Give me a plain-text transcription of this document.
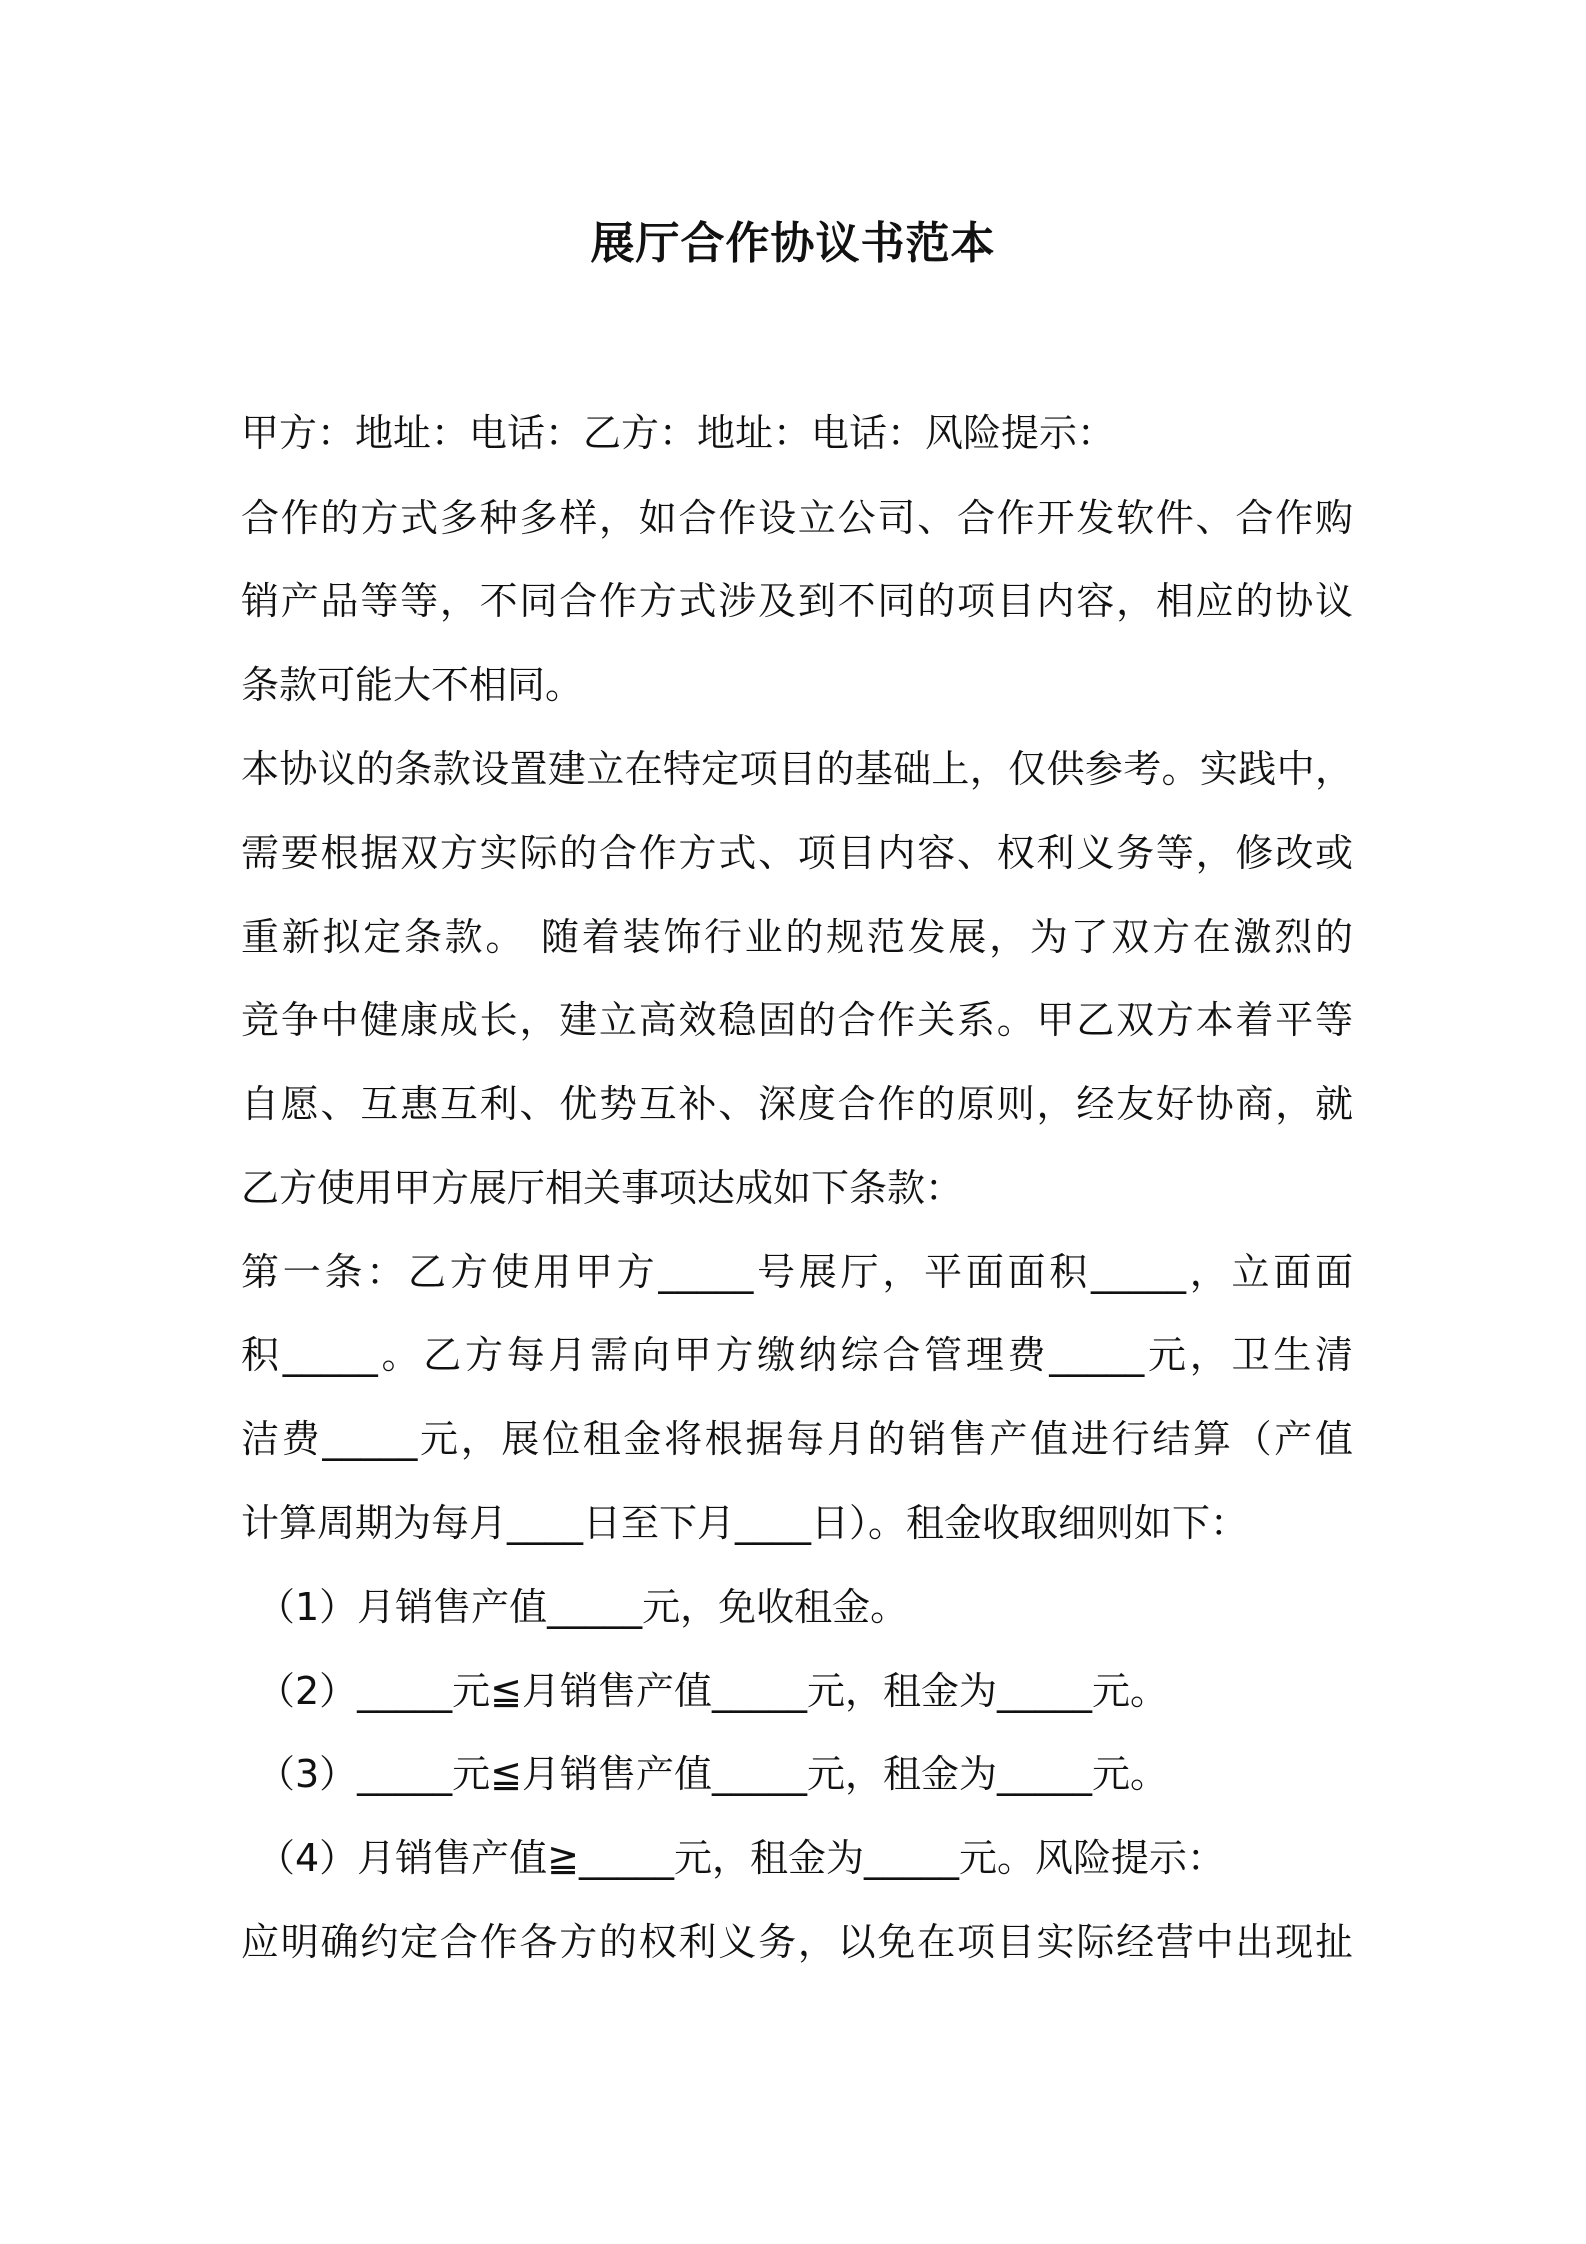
展厅合作协议书范本
甲方：地址：电话：乙方：地址：电话：风险提示：
合作的方式多种多样，如合作设立公司、合作开发软件、合作购
销产品等等，不同合作方式涉及到不同的项目内容，相应的协议
条款可能大不相同。
本协议的条款设置建立在特定项目的基础上，仅供参考。实践中，
需要根据双方实际的合作方式、项目内容、权利义务等，修改或
重新拟定条款。 随着装饰行业的规范发展，为了双方在激烈的
竞争中健康成长，建立高效稳固的合作关系。甲乙双方本着平等
自愿、互惠互利、优势互补、深度合作的原则，经友好协商，就
乙方使用甲方展厅相关事项达成如下条款：
第一条：乙方使用甲方_____号展厅，平面面积_____，立面面
积_____。乙方每月需向甲方缴纳综合管理费_____元，卫生清
洁费_____元，展位租金将根据每月的销售产值进行结算（产值
计算周期为每月____日至下月____日）。租金收取细则如下：
（1）月销售产值_____元，免收租金。
（2）_____元≦月销售产值_____元，租金为_____元。
（3）_____元≦月销售产值_____元，租金为_____元。
（4）月销售产值≧_____元，租金为_____元。风险提示：
应明确约定合作各方的权利义务，以免在项目实际经营中出现扯
